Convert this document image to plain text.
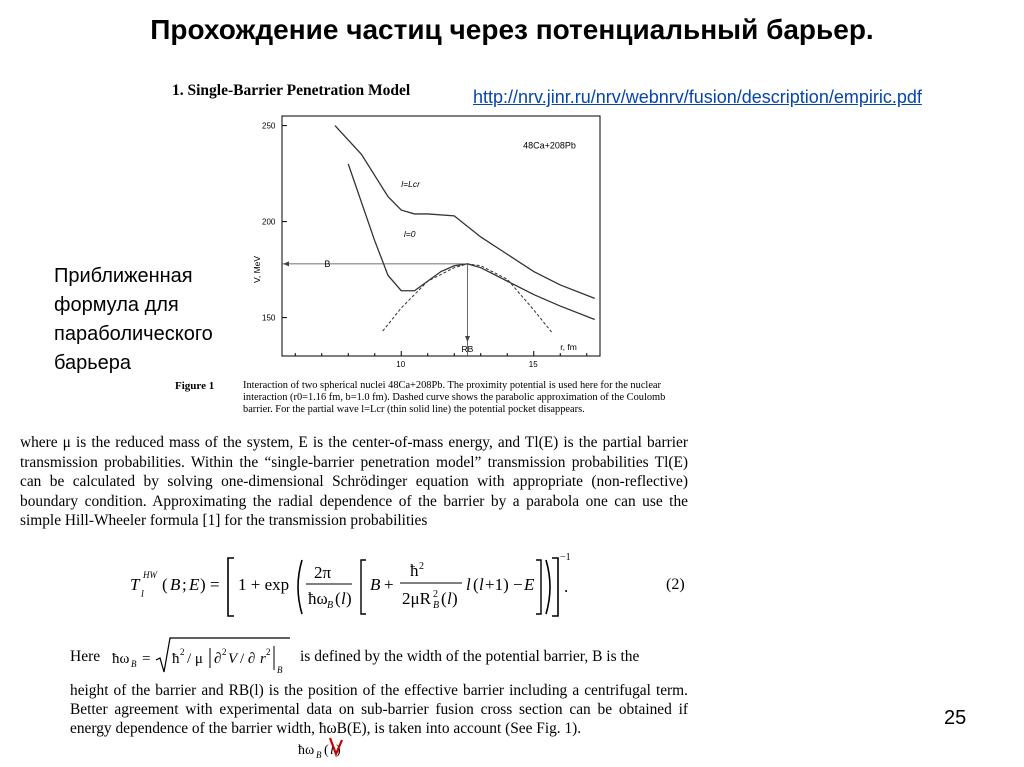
Прохождение частиц через потенциальный барьер.
1. Single-Barrier Penetration Model	http://nrv.jinr.ru/nrv/webnrv/fusion/description/empiric.pdf
Приближенная
формула для
параболического
барьера
150
200
250
10	15
V, MeV
r, fm
48Ca+208Pb
B
RB
l=Lcr
l=0
Figure 1	Interaction of two spherical nuclei 48Ca+208Pb. The proximity potential is used here for the nuclear interaction (r0=1.16 fm, b=1.0 fm). Dashed curve shows the parabolic approximation of the Coulomb barrier. For the partial wave l=Lcr (thin solid line) the potential pocket disappears.
where μ is the reduced mass of the system, E is the center-of-mass energy, and Tl(E) is the partial barrier transmission probabilities. Within the “single-barrier penetration model” transmission probabilities Tl(E) can be calculated by solving one-dimensional Schrödinger equation with appropriate (non-reflective) boundary condition. Approximating the radial dependence of the barrier by a parabola one can use the simple Hill-Wheeler formula [1] for the transmission probabilities
T
l
HW ( B ; E ) = 1 + exp
2π
ħω B ( l )
B +
ħ 2
2μR B
2 ( l )
l ( l +1) − E
−1
.	(2)
Here ħω B = ħ 2 / μ ∂ 2 V / ∂ r 2
B
is defined by the width of the potential barrier, B is the
height of the barrier and RB(l) is the position of the effective barrier including a centrifugal term. Better agreement with experimental data on sub-barrier fusion cross section can be obtained if energy dependence of the barrier width, ħωB(E), is taken into account (See Fig. 1).
ħω B ( l )
25
